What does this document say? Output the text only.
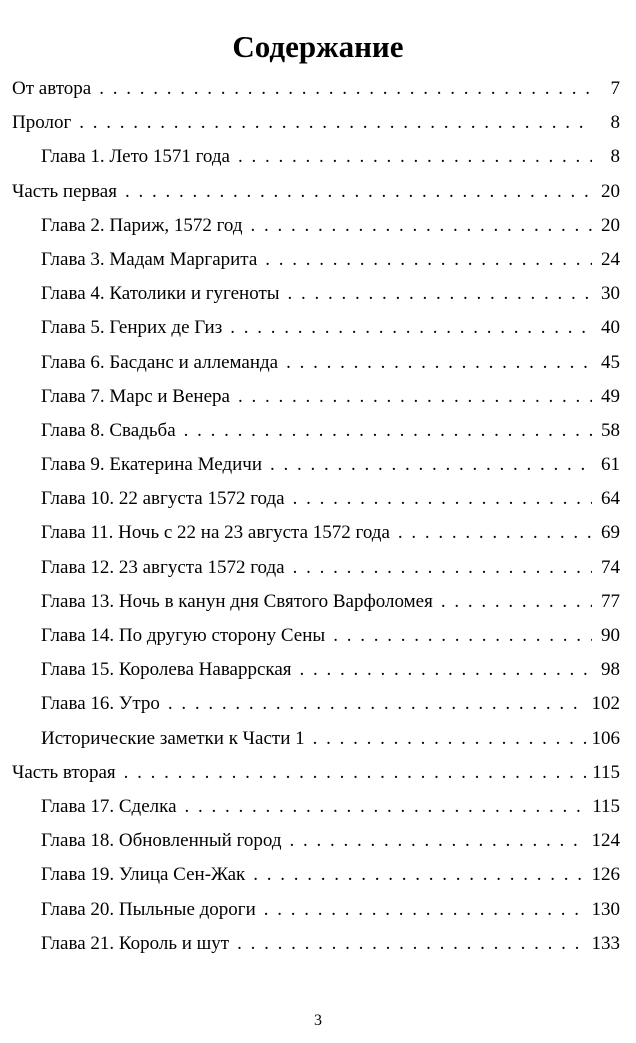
Содержание
От автора . . .	7
Пролог . . .	8
Глава 1. Лето 1571 года . . .	8
Часть первая . . .	20
Глава 2. Париж, 1572 год . . .	20
Глава 3. Мадам Маргарита . . .	24
Глава 4. Католики и гугеноты . . .	30
Глава 5. Генрих де Гиз . . .	40
Глава 6. Басданс и аллеманда . . .	45
Глава 7. Марс и Венера . . .	49
Глава 8. Свадьба . . .	58
Глава 9. Екатерина Медичи . . .	61
Глава 10. 22 августа 1572 года . . .	64
Глава 11. Ночь с 22 на 23 августа 1572 года . . .	69
Глава 12. 23 августа 1572 года . . .	74
Глава 13. Ночь в канун дня Святого Варфоломея . . .	77
Глава 14. По другую сторону Сены . . .	90
Глава 15. Королева Наваррская . . .	98
Глава 16. Утро . . .	102
Исторические заметки к Части 1 . . .	106
Часть вторая . . .	115
Глава 17. Сделка . . .	115
Глава 18. Обновленный город . . .	124
Глава 19. Улица Сен-Жак . . .	126
Глава 20. Пыльные дороги . . .	130
Глава 21. Король и шут . . .	133
3
